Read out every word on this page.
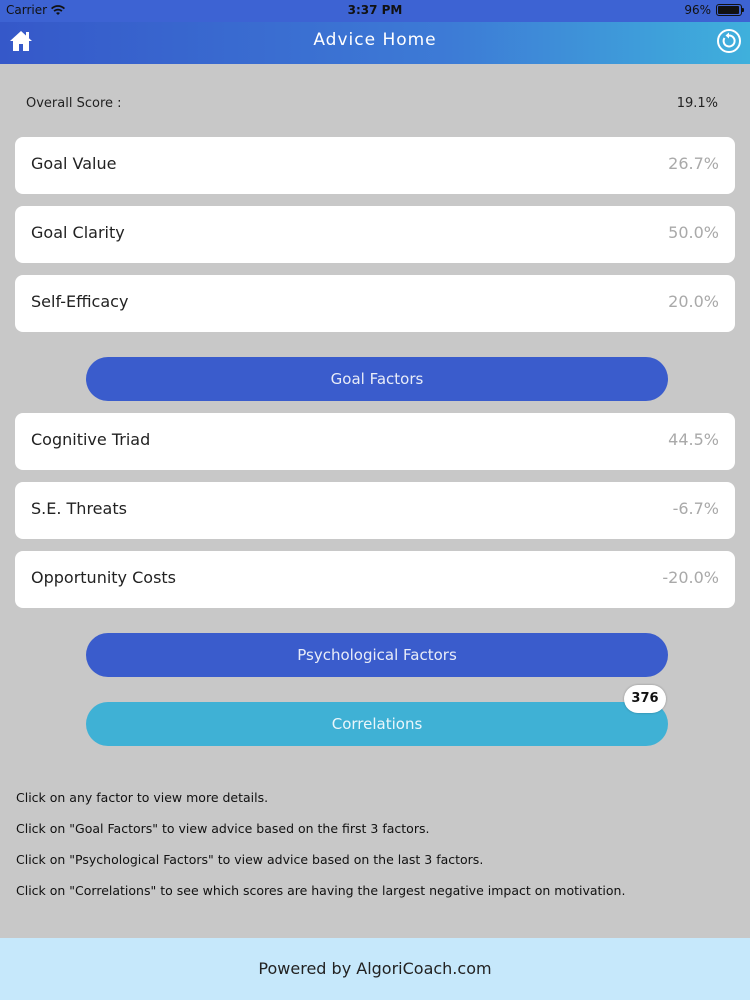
Carrier	3:37 PM	96%
Advice Home
Overall Score :	19.1%
Goal Value	26.7%
Goal Clarity	50.0%
Self-Efficacy	20.0%
Goal Factors
Cognitive Triad	44.5%
S.E. Threats	-6.7%
Opportunity Costs	-20.0%
Psychological Factors
Correlations
376
Click on any factor to view more details.
Click on "Goal Factors" to view advice based on the first 3 factors.
Click on "Psychological Factors" to view advice based on the last 3 factors.
Click on "Correlations" to see which scores are having the largest negative impact on motivation.
Powered by AlgoriCoach.com
